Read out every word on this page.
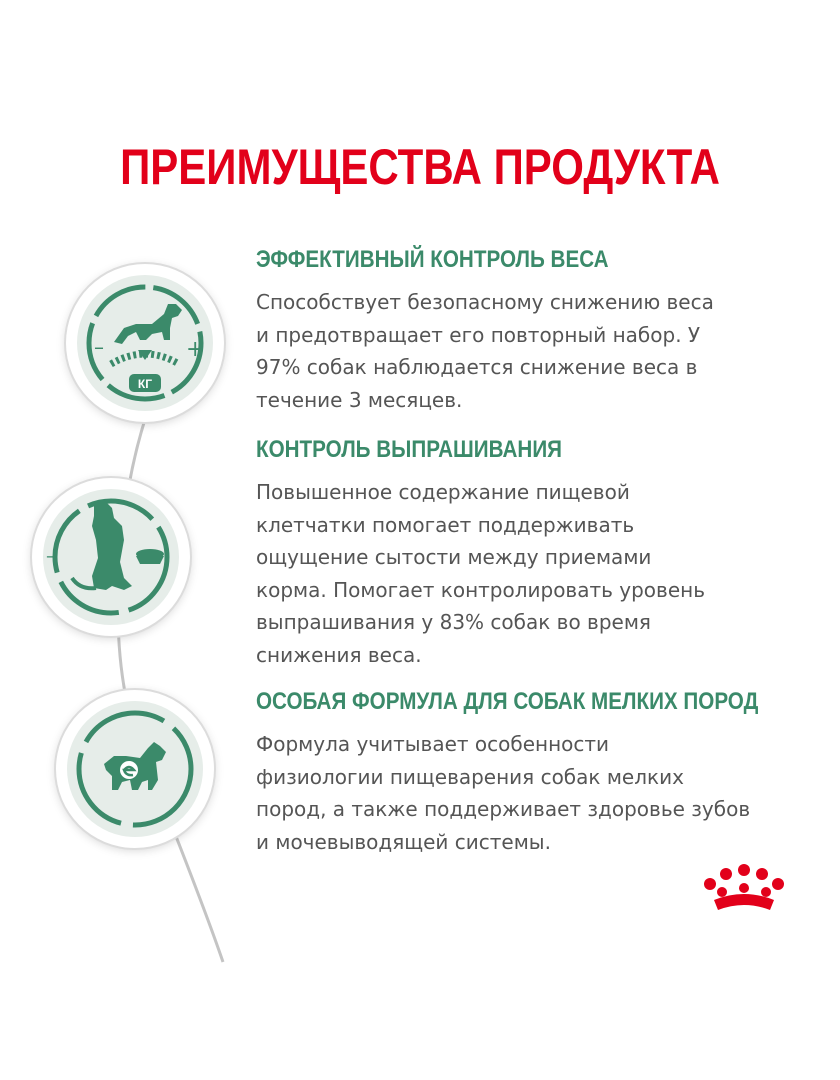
ПРЕИМУЩЕСТВА ПРОДУКТА
КГ
–	+
–
ЭФФЕКТИВНЫЙ КОНТРОЛЬ ВЕСА

Способствует безопасному снижению веса
и предотвращает его повторный набор. У
97% собак наблюдается снижение веса в
течение 3 месяцев.

КОНТРОЛЬ ВЫПРАШИВАНИЯ

Повышенное содержание пищевой
клетчатки помогает поддерживать
ощущение сытости между приемами
корма. Помогает контролировать уровень
выпрашивания у 83% собак во время
снижения веса.

ОСОБАЯ ФОРМУЛА ДЛЯ СОБАК МЕЛКИХ ПОРОД

Формула учитывает особенности
физиологии пищеварения собак мелких
пород, а также поддерживает здоровье зубов
и мочевыводящей системы.
